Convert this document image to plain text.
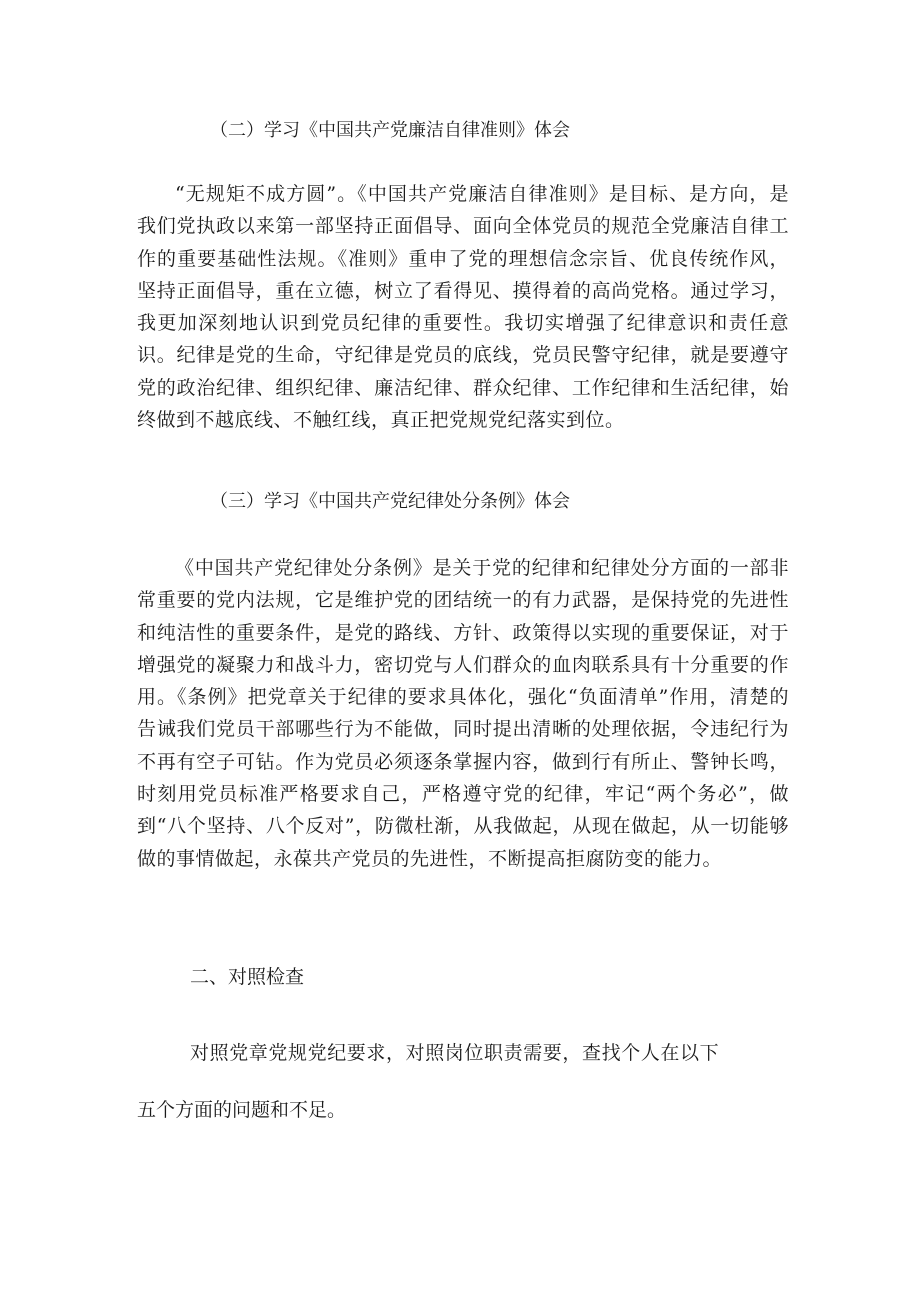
（二）学习《中国共产党廉洁自律准则》体会

“无规矩不成方圆”。《中国共产党廉洁自律准则》是目标、是方向，是我们党执政以来第一部坚持正面倡导、面向全体党员的规范全党廉洁自律工作的重要基础性法规。《准则》重申了党的理想信念宗旨、优良传统作风，坚持正面倡导，重在立德，树立了看得见、摸得着的高尚党格。通过学习，我更加深刻地认识到党员纪律的重要性。我切实增强了纪律意识和责任意识。纪律是党的生命，守纪律是党员的底线，党员民警守纪律，就是要遵守党的政治纪律、组织纪律、廉洁纪律、群众纪律、工作纪律和生活纪律，始终做到不越底线、不触红线，真正把党规党纪落实到位。

（三）学习《中国共产党纪律处分条例》体会

《中国共产党纪律处分条例》是关于党的纪律和纪律处分方面的一部非常重要的党内法规，它是维护党的团结统一的有力武器，是保持党的先进性和纯洁性的重要条件，是党的路线、方针、政策得以实现的重要保证，对于增强党的凝聚力和战斗力，密切党与人们群众的血肉联系具有十分重要的作用。《条例》把党章关于纪律的要求具体化，强化“负面清单”作用，清楚的告诫我们党员干部哪些行为不能做，同时提出清晰的处理依据，令违纪行为不再有空子可钻。作为党员必须逐条掌握内容，做到行有所止、警钟长鸣，时刻用党员标准严格要求自己，严格遵守党的纪律，牢记“两个务必”，做到“八个坚持、八个反对”，防微杜渐，从我做起，从现在做起，从一切能够做的事情做起，永葆共产党员的先进性，不断提高拒腐防变的能力。

二、对照检查

对照党章党规党纪要求，对照岗位职责需要，查找个人在以下

五个方面的问题和不足。
